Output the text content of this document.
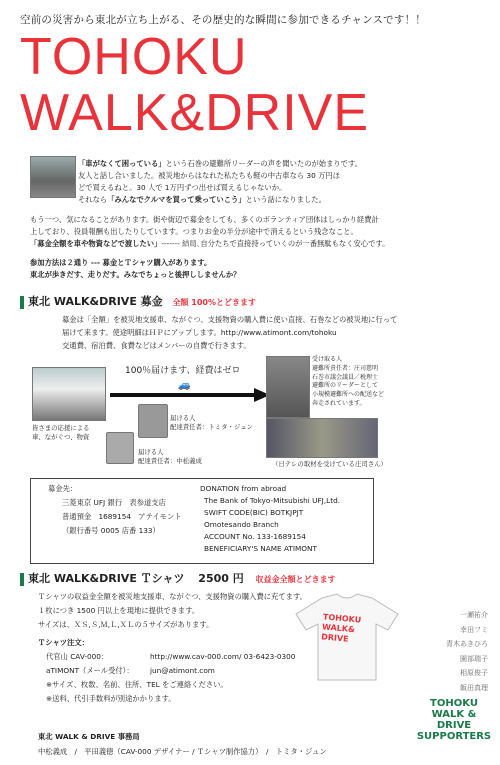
空前の災害から東北が立ち上がる、その歴史的な瞬間に参加できるチャンスです！！
TOHOKU
WALK&DRIVE
「車がなくて困っている」という石巻の避難所リーダーの声を聞いたのが始まりです。
友人と話し合いました。被災地からはなれた私たちも軽の中古車なら 30 万円ほ
どで買えるねと。30 人で 1万円ずつ出せば買えるじゃないか。
それなら「みんなでクルマを買って乗っていこう」という話になりました。
もう一つ、気になることがあります。街や街辺で募金をしても、多くのボランティア団体はしっかり経費計
上しており、役員報酬も出したりしています。つまりお金の半分が途中で消えるという残念なこと。
「募金全額を車や物資などで渡したい」------- 結局､自分たちで直接持っていくのが一番無駄もなく安心です。
参加方法は２通り --- 募金とＴシャツ購入があります。
東北が歩きだす、走りだす。みなでちょっと後押ししませんか？
東北 WALK&DRIVE 募金 全額 100%とどきます
募金は「全額」を被災地支援車、ながぐつ、支援物資の購入費に使い直接、石巻などの被災地に行って
届けて来ます。使途明細はＨＰにアップします。http://www.atimont.com/tohoku
交通費、宿泊費、食費などはメンバーの自費で行きます。
皆さまの応援による
車、ながぐつ、物資
100％届けます、経費はゼロ
🚙
届ける人
配達責任者：トミタ・ジュン
届ける人
配達責任者：中松義成
受け取る人
避難所責任者：庄司慈明
石巻市議会議員／税理士
避難所のリーダーとして
小規模避難所への配送など
奔走されています。
（日テレの取材を受けている庄司さん）
募金先：
三菱東京 UFJ 銀行　表参道支店
普通預金　1689154　アテイモント
（銀行番号 0005 店番 133）
DONATION from abroad
The Bank of Tokyo-Mitsubishi UFJ,Ltd.
SWIFT CODE(BIC) BOTKJPJT
Omotesando Branch
ACCOUNT No. 133-1689154
BENEFICIARY'S NAME ATIMONT
東北 WALK&DRIVE Ｔシャツ 2500 円 収益金全額とどきます
Ｔシャツの収益金全額を被災地支援車、ながぐつ、支援物資の購入費に充てます。
１枚につき 1500 円以上を現地に提供できます。
サイズは、ＸＳ,Ｓ,Ｍ,Ｌ,ＸＬの５サイズがあります。
Ｔシャツ注文：
代官山 CAV-000：	http://www.cav-000.com/ 03-6423-0300
aTIMONT（メール受付）： jun@atimont.com
※サイズ、枚数、名前、住所、TEL をご連絡ください。
※送料、代引手数料が別途かかります。
TOHOKU
WALK&
DRIVE
一瀬祐介
幸田フミ
青木あきひろ
園部瑞子
相原俊子
飯田真理
TOHOKU
WALK &
DRIVE
SUPPORTERS
東北 WALK & DRIVE 事務局
中松義成　/　平田義徳（CAV-000 デザイナー / Ｔシャツ制作協力）　/　トミタ・ジュン
